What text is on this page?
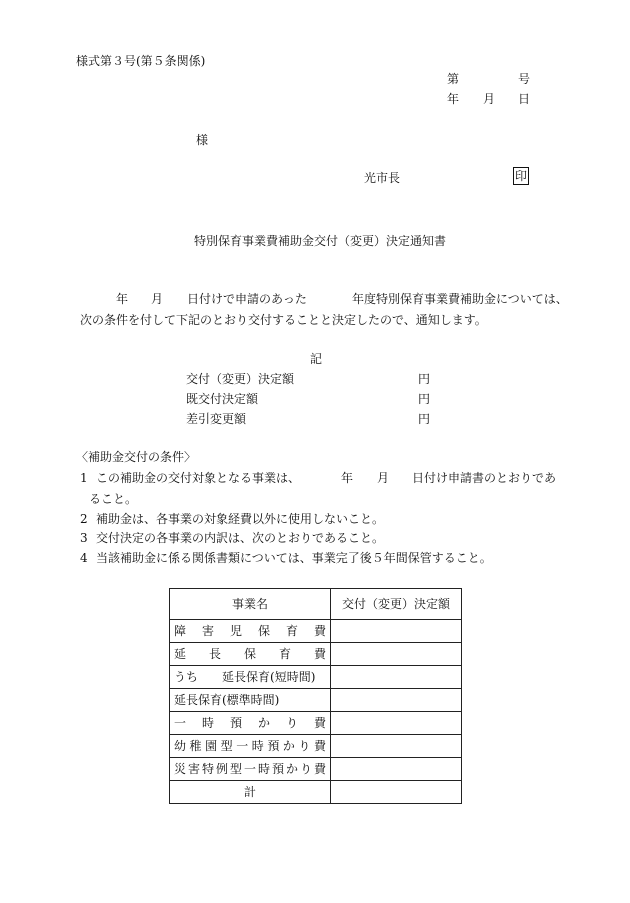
様式第３号(第５条関係)
第	号
年 月 日
様
光市長	印
特別保育事業費補助金交付（変更）決定通知書
年 月 日付けで申請のあった	年度特別保育事業費補助金については、
次の条件を付して下記のとおり交付することと決定したので、通知します。
記
交付（変更）決定額	円
既交付決定額	円
差引変更額	円
〈補助金交付の条件〉
1 この補助金の交付対象となる事業は、	年 月 日付け申請書のとおりであ
ること。
2 補助金は、各事業の対象経費以外に使用しないこと。
3 交付決定の各事業の内訳は、次のとおりであること。
4 当該補助金に係る関係書類については、事業完了後５年間保管すること。
事業名	交付（変更）決定額
障害児保育費	
延長保育費	
うち 延長保育(短時間)	
延長保育(標準時間)	
一時預かり費	
幼稚園型一時預かり費	
災害特例型一時預かり費	
計	
